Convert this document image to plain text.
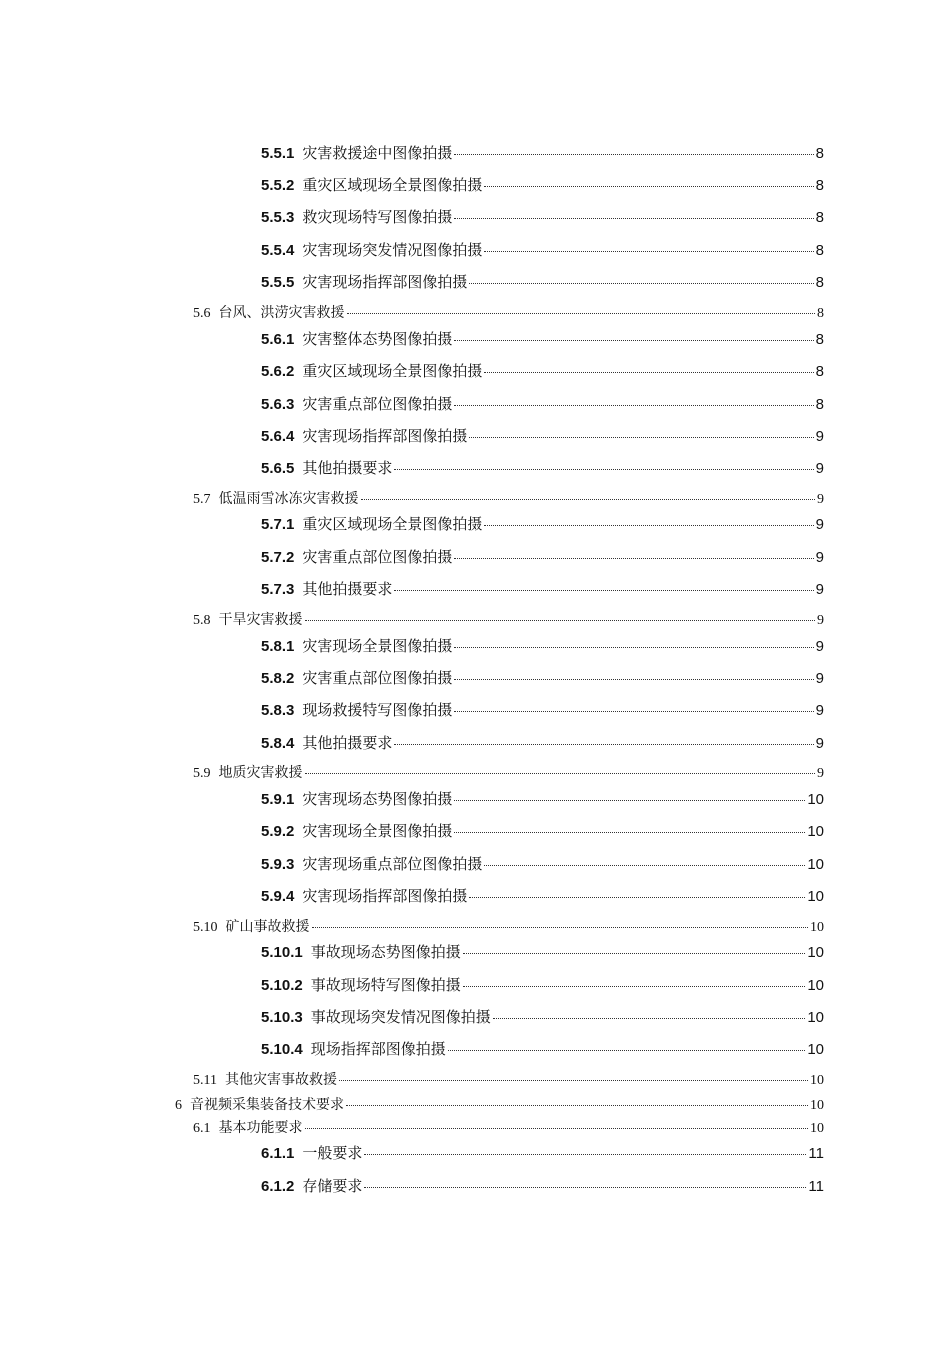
5.5.1 灾害救援途中图像拍摄	8
5.5.2 重灾区域现场全景图像拍摄	8
5.5.3 救灾现场特写图像拍摄	8
5.5.4 灾害现场突发情况图像拍摄	8
5.5.5 灾害现场指挥部图像拍摄	8
5.6 台风、洪涝灾害救援	8
5.6.1 灾害整体态势图像拍摄	8
5.6.2 重灾区域现场全景图像拍摄	8
5.6.3 灾害重点部位图像拍摄	8
5.6.4 灾害现场指挥部图像拍摄	9
5.6.5 其他拍摄要求	9
5.7 低温雨雪冰冻灾害救援	9
5.7.1 重灾区域现场全景图像拍摄	9
5.7.2 灾害重点部位图像拍摄	9
5.7.3 其他拍摄要求	9
5.8 干旱灾害救援	9
5.8.1 灾害现场全景图像拍摄	9
5.8.2 灾害重点部位图像拍摄	9
5.8.3 现场救援特写图像拍摄	9
5.8.4 其他拍摄要求	9
5.9 地质灾害救援	9
5.9.1 灾害现场态势图像拍摄	10
5.9.2 灾害现场全景图像拍摄	10
5.9.3 灾害现场重点部位图像拍摄	10
5.9.4 灾害现场指挥部图像拍摄	10
5.10 矿山事故救援	10
5.10.1 事故现场态势图像拍摄	10
5.10.2 事故现场特写图像拍摄	10
5.10.3 事故现场突发情况图像拍摄	10
5.10.4 现场指挥部图像拍摄	10
5.11 其他灾害事故救援	10
6 音视频采集装备技术要求	10
6.1 基本功能要求	10
6.1.1 一般要求	11
6.1.2 存储要求	11
